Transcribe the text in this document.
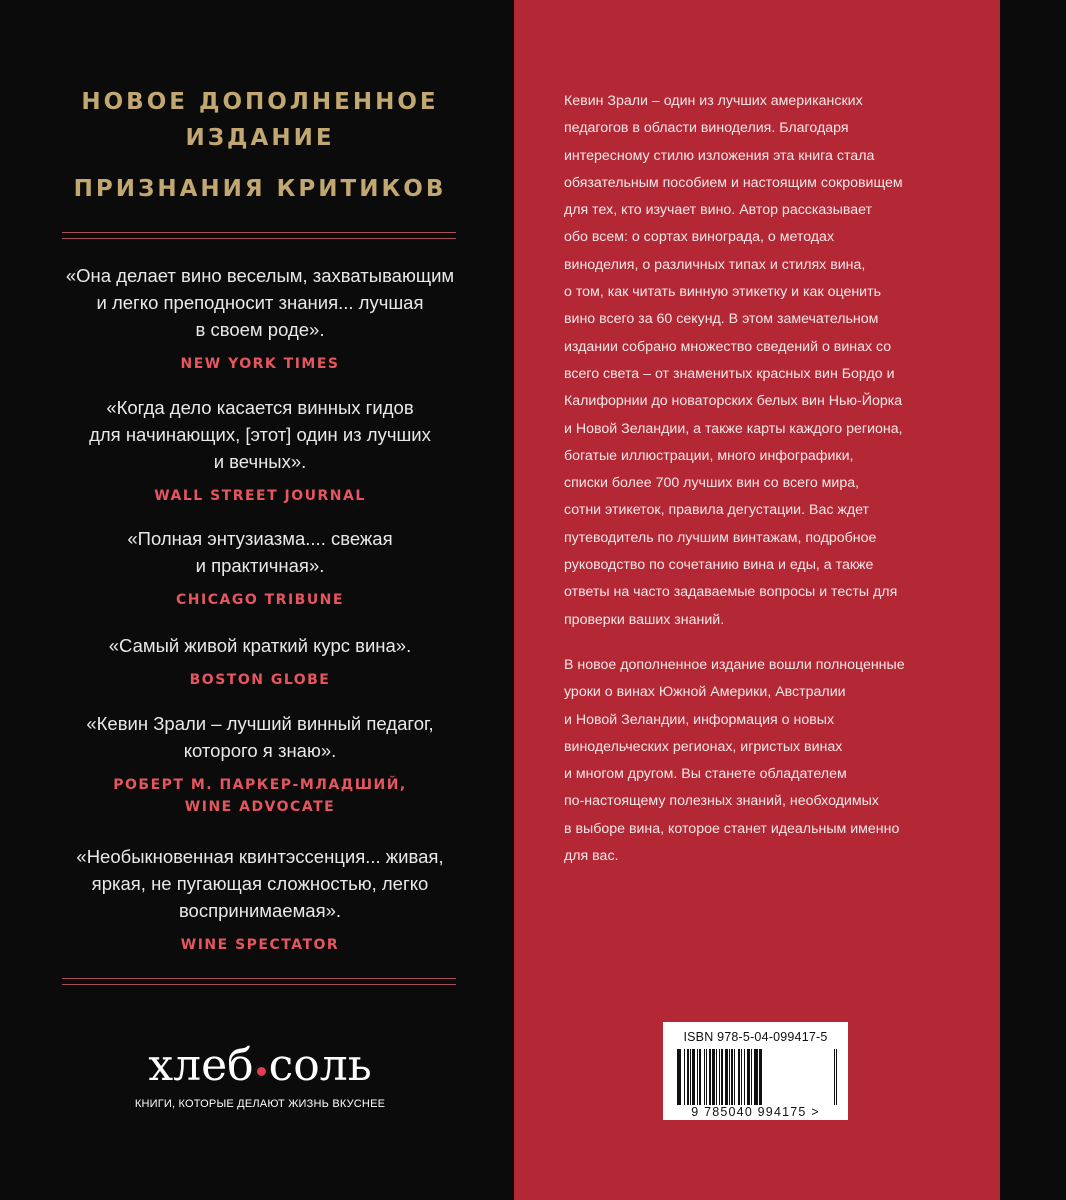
НОВОЕ ДОПОЛНЕННОЕ
ИЗДАНИЕ
ПРИЗНАНИЯ КРИТИКОВ

«Она делает вино веселым, захватывающим
и легко преподносит знания... лучшая
в своем роде».

NEW YORK TIMES

«Когда дело касается винных гидов
для начинающих, [этот] один из лучших
и вечных».

WALL STREET JOURNAL

«Полная энтузиазма.... свежая
и практичная».

CHICAGO TRIBUNE

«Самый живой краткий курс вина».

BOSTON GLOBE

«Кевин Зрали – лучший винный педагог,
которого я знаю».

РОБЕРТ М. ПАРКЕР-МЛАДШИЙ,
WINE ADVOCATE

«Необыкновенная квинтэссенция... живая,
яркая, не пугающая сложностью, легко
воспринимаемая».

WINE SPECTATOR

хлеб соль
КНИГИ, КОТОРЫЕ ДЕЛАЮТ ЖИЗНЬ ВКУСНЕЕ

Кевин Зрали – один из лучших американских
педагогов в области виноделия. Благодаря
интересному стилю изложения эта книга стала
обязательным пособием и настоящим сокровищем
для тех, кто изучает вино. Автор рассказывает
обо всем: о сортах винограда, о методах
виноделия, о различных типах и стилях вина,
о том, как читать винную этикетку и как оценить
вино всего за 60 секунд. В этом замечательном
издании собрано множество сведений о винах со
всего света – от знаменитых красных вин Бордо и
Калифорнии до новаторских белых вин Нью-Йорка
и Новой Зеландии, а также карты каждого региона,
богатые иллюстрации, много инфографики,
списки более 700 лучших вин со всего мира,
сотни этикеток, правила дегустации. Вас ждет
путеводитель по лучшим винтажам, подробное
руководство по сочетанию вина и еды, а также
ответы на часто задаваемые вопросы и тесты для
проверки ваших знаний.

В новое дополненное издание вошли полноценные
уроки о винах Южной Америки, Австралии
и Новой Зеландии, информация о новых
винодельческих регионах, игристых винах
и многом другом. Вы станете обладателем
по-настоящему полезных знаний, необходимых
в выборе вина, которое станет идеальным именно
для вас.

ISBN 978-5-04-099417-5
9 785040 994175 >
